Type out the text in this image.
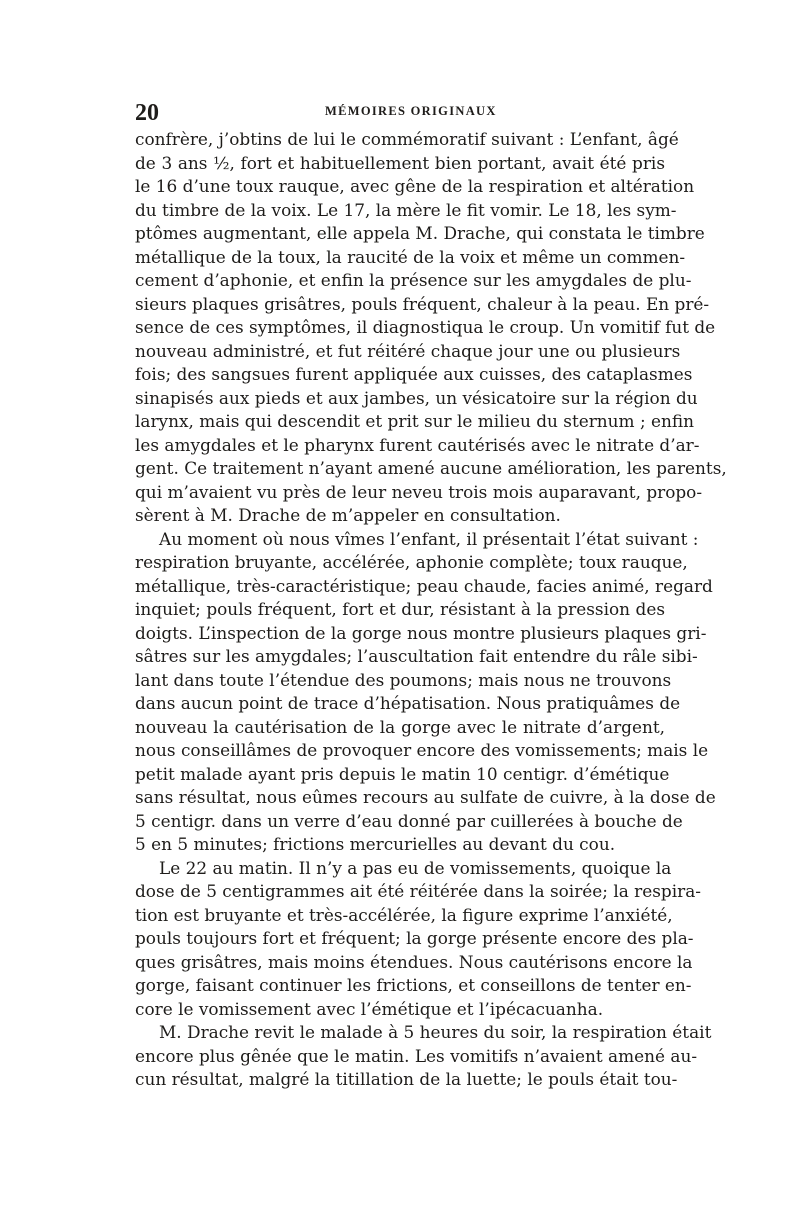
20	MÉMOIRES ORIGINAUX
confrère, j’obtins de lui le commémoratif suivant : L’enfant, âgé
de 3 ans ½, fort et habituellement bien portant, avait été pris
le 16 d’une toux rauque, avec gêne de la respiration et altération
du timbre de la voix. Le 17, la mère le fit vomir. Le 18, les sym-
ptômes augmentant, elle appela M. Drache, qui constata le timbre
métallique de la toux, la raucité de la voix et même un commen-
cement d’aphonie, et enfin la présence sur les amygdales de plu-
sieurs plaques grisâtres, pouls fréquent, chaleur à la peau. En pré-
sence de ces symptômes, il diagnostiqua le croup. Un vomitif fut de
nouveau administré, et fut réitéré chaque jour une ou plusieurs
fois; des sangsues furent appliquée aux cuisses, des cataplasmes
sinapisés aux pieds et aux jambes, un vésicatoire sur la région du
larynx, mais qui descendit et prit sur le milieu du sternum ; enfin
les amygdales et le pharynx furent cautérisés avec le nitrate d’ar-
gent. Ce traitement n’ayant amené aucune amélioration, les parents,
qui m’avaient vu près de leur neveu trois mois auparavant, propo-
sèrent à M. Drache de m’appeler en consultation.
Au moment où nous vîmes l’enfant, il présentait l’état suivant :
respiration bruyante, accélérée, aphonie complète; toux rauque,
métallique, très-caractéristique; peau chaude, facies animé, regard
inquiet; pouls fréquent, fort et dur, résistant à la pression des
doigts. L’inspection de la gorge nous montre plusieurs plaques gri-
sâtres sur les amygdales; l’auscultation fait entendre du râle sibi-
lant dans toute l’étendue des poumons; mais nous ne trouvons
dans aucun point de trace d’hépatisation. Nous pratiquâmes de
nouveau la cautérisation de la gorge avec le nitrate d’argent,
nous conseillâmes de provoquer encore des vomissements; mais le
petit malade ayant pris depuis le matin 10 centigr. d’émétique
sans résultat, nous eûmes recours au sulfate de cuivre, à la dose de
5 centigr. dans un verre d’eau donné par cuillerées à bouche de
5 en 5 minutes; frictions mercurielles au devant du cou.
Le 22 au matin. Il n’y a pas eu de vomissements, quoique la
dose de 5 centigrammes ait été réitérée dans la soirée; la respira-
tion est bruyante et très-accélérée, la figure exprime l’anxiété,
pouls toujours fort et fréquent; la gorge présente encore des pla-
ques grisâtres, mais moins étendues. Nous cautérisons encore la
gorge, faisant continuer les frictions, et conseillons de tenter en-
core le vomissement avec l’émétique et l’ipécacuanha.
M. Drache revit le malade à 5 heures du soir, la respiration était
encore plus gênée que le matin. Les vomitifs n’avaient amené au-
cun résultat, malgré la titillation de la luette; le pouls était tou-
